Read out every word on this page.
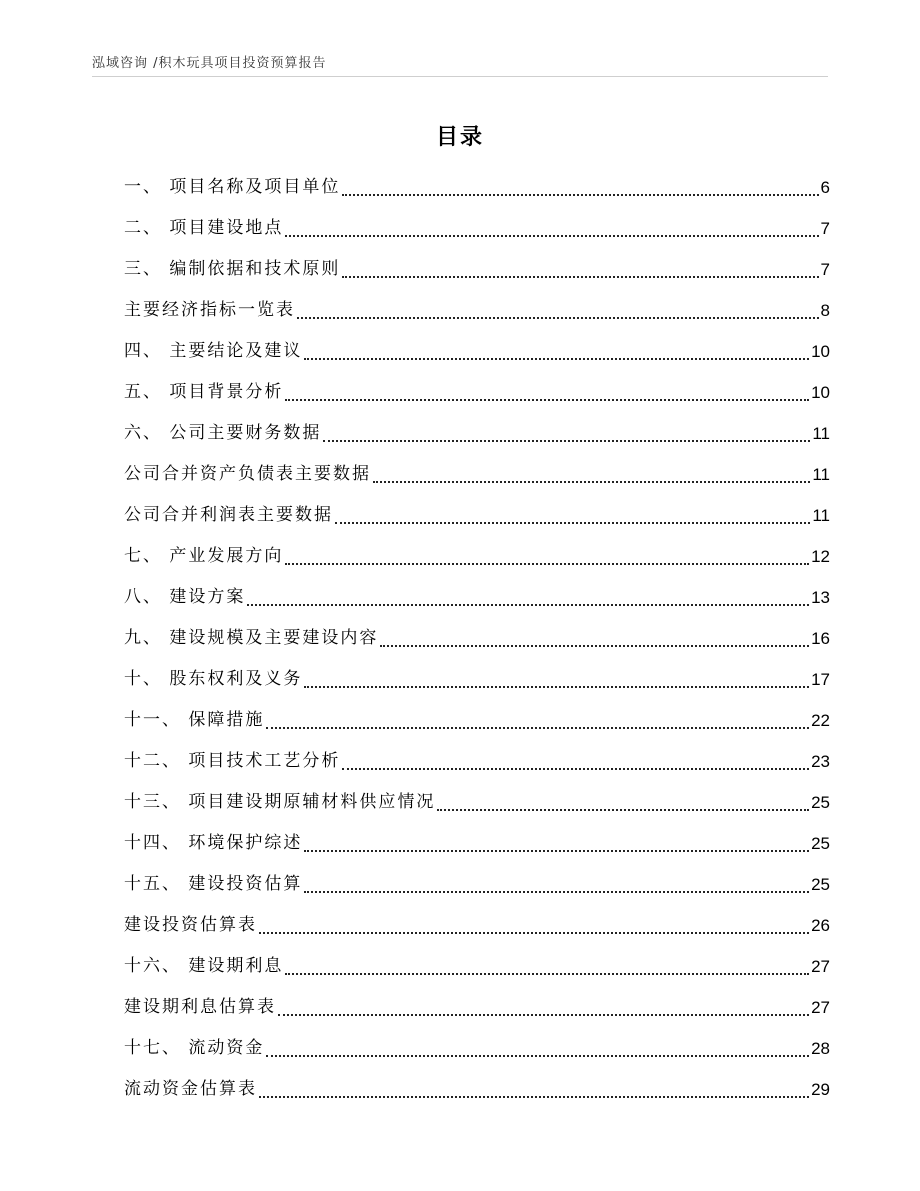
泓域咨询 /积木玩具项目投资预算报告
目录
一、 项目名称及项目单位	6
二、 项目建设地点	7
三、 编制依据和技术原则	7
主要经济指标一览表	8
四、 主要结论及建议	10
五、 项目背景分析	10
六、 公司主要财务数据	11
公司合并资产负债表主要数据	11
公司合并利润表主要数据	11
七、 产业发展方向	12
八、 建设方案	13
九、 建设规模及主要建设内容	16
十、 股东权利及义务	17
十一、 保障措施	22
十二、 项目技术工艺分析	23
十三、 项目建设期原辅材料供应情况	25
十四、 环境保护综述	25
十五、 建设投资估算	25
建设投资估算表	26
十六、 建设期利息	27
建设期利息估算表	27
十七、 流动资金	28
流动资金估算表	29
